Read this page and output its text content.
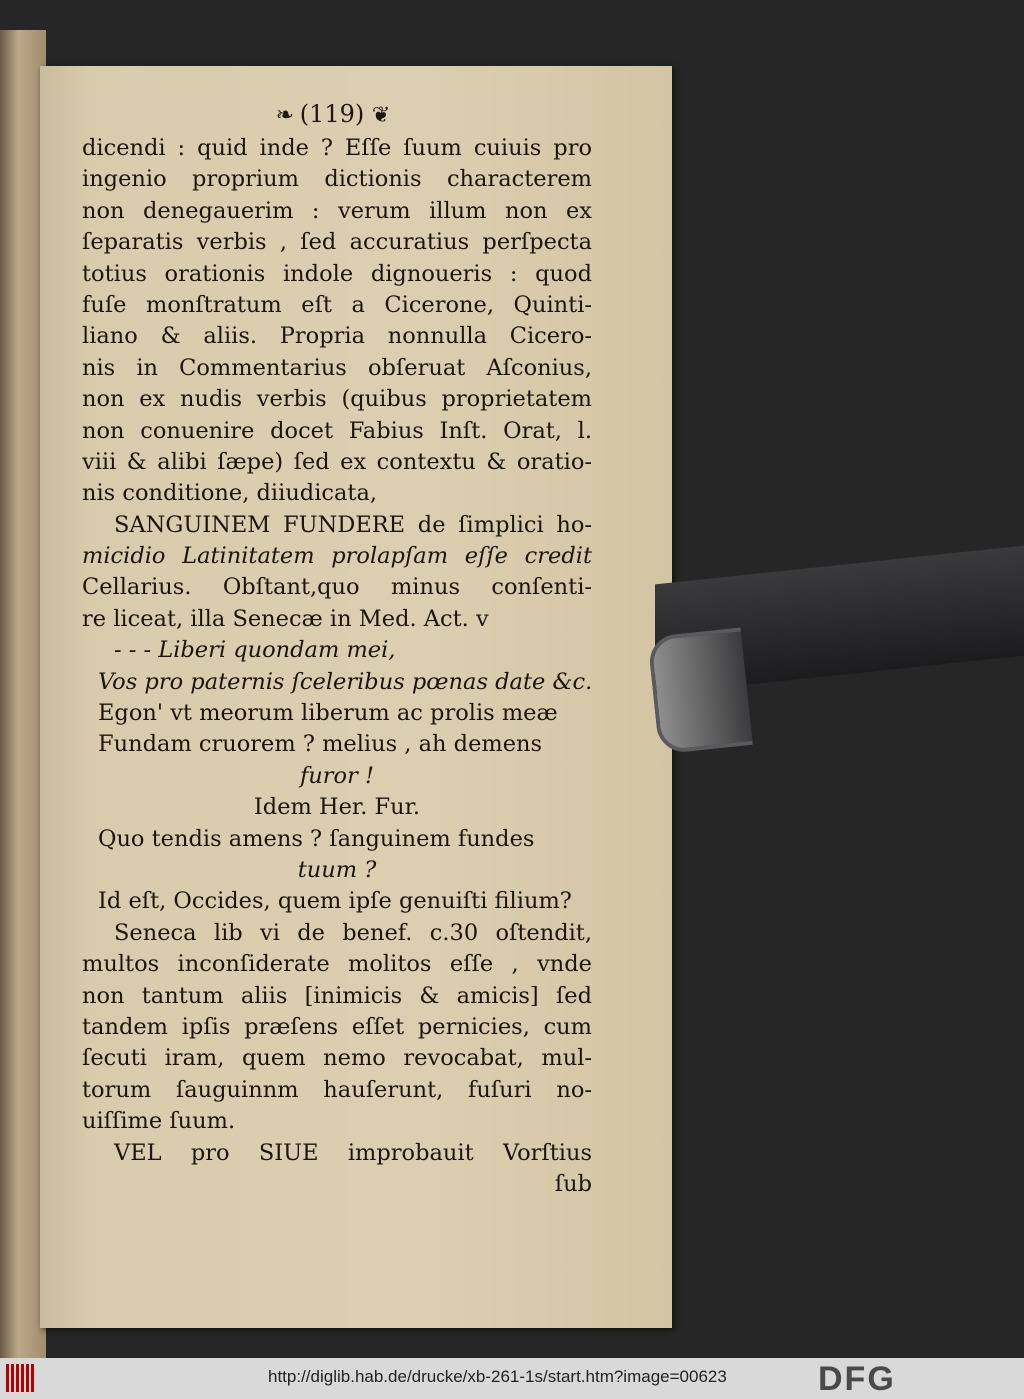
❧ (119) ❦
dicendi : quid inde ? Eſſe ſuum cuiuis pro
ingenio proprium dictionis characterem
non denegauerim : verum illum non ex
ſeparatis verbis , ſed accuratius perſpecta
totius orationis indole dignoueris : quod
fuſe monſtratum eſt a Cicerone, Quinti-
liano & aliis. Propria nonnulla Cicero-
nis in Commentarius obſeruat Aſconius,
non ex nudis verbis (quibus proprietatem
non conuenire docet Fabius Inſt. Orat, l.
viii & alibi ſæpe) ſed ex contextu & oratio-
nis conditione, diiudicata,
SANGUINEM FUNDERE de ſimplici ho-
micidio Latinitatem prolapſam eſſe credit
Cellarius. Obſtant,quo minus conſenti-
re liceat, illa Senecæ in Med. Act. v
- - - Liberi quondam mei,
Vos pro paternis ſceleribus pœnas date &c.
Egon' vt meorum liberum ac prolis meæ
Fundam cruorem ? melius , ah demens
furor !
Idem Her. Fur.
Quo tendis amens ? ſanguinem fundes
tuum ?
Id eſt, Occides, quem ipſe genuiſti filium?
Seneca lib vi de benef. c.30 oſtendit,
multos inconſiderate molitos eſſe , vnde
non tantum aliis [inimicis & amicis] ſed
tandem ipſis præſens eſſet pernicies, cum
ſecuti iram, quem nemo revocabat, mul-
torum ſauguinnm hauſerunt, fuſuri no-
uiſſime ſuum.
VEL pro SIUE improbauit Vorſtius
ſub
http://diglib.hab.de/drucke/xb-261-1s/start.htm?image=00623	DFG
